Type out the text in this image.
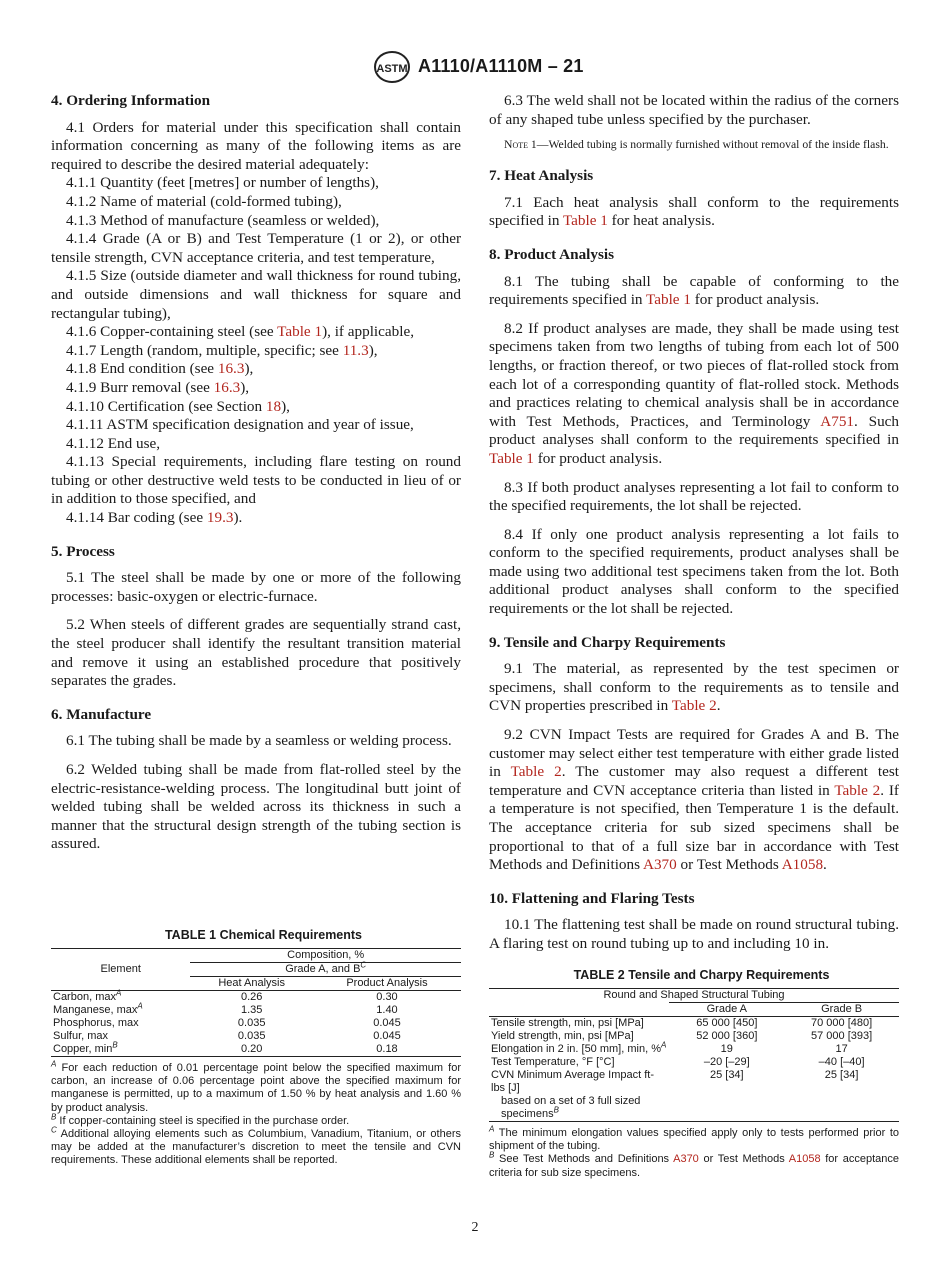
ASTM A1110/A1110M – 21
4. Ordering Information

4.1 Orders for material under this specification shall contain information concerning as many of the following items as are required to describe the desired material adequately:

4.1.1 Quantity (feet [metres] or number of lengths),

4.1.2 Name of material (cold-formed tubing),

4.1.3 Method of manufacture (seamless or welded),

4.1.4 Grade (A or B) and Test Temperature (1 or 2), or other tensile strength, CVN acceptance criteria, and test temperature,

4.1.5 Size (outside diameter and wall thickness for round tubing, and outside dimensions and wall thickness for square and rectangular tubing),

4.1.6 Copper-containing steel (see Table 1), if applicable,

4.1.7 Length (random, multiple, specific; see 11.3),

4.1.8 End condition (see 16.3),

4.1.9 Burr removal (see 16.3),

4.1.10 Certification (see Section 18),

4.1.11 ASTM specification designation and year of issue,

4.1.12 End use,

4.1.13 Special requirements, including flare testing on round tubing or other destructive weld tests to be conducted in lieu of or in addition to those specified, and

4.1.14 Bar coding (see 19.3).

5. Process

5.1 The steel shall be made by one or more of the following processes: basic-oxygen or electric-furnace.

5.2 When steels of different grades are sequentially strand cast, the steel producer shall identify the resultant transition material and remove it using an established procedure that positively separates the grades.

6. Manufacture

6.1 The tubing shall be made by a seamless or welding process.

6.2 Welded tubing shall be made from flat-rolled steel by the electric-resistance-welding process. The longitudinal butt joint of welded tubing shall be welded across its thickness in such a manner that the structural design strength of the tubing section is assured.

TABLE 1 Chemical Requirements

Element	Composition, %	
	Grade A, and $B^C$
	Heat Analysis	Product Analysis
Carbon, $\max^A$	0.26	0.30
Manganese, $\max^A$	1.35	1.40
Phosphorus, max	0.035	0.045
Sulfur, max	0.035	0.045
Copper, $\min^B$	0.20	0.18

$^A$ For each reduction of 0.01 percentage point below the specified maximum for carbon, an increase of 0.06 percentage point above the specified maximum for manganese is permitted, up to a maximum of 1.50 % by heat analysis and 1.60 % by product analysis.

$^B$ If copper-containing steel is specified in the purchase order.

$^C$ Additional alloying elements such as Columbium, Vanadium, Titanium, or others may be added at the manufacturer’s discretion to meet the tensile and CVN requirements. These additional elements shall be reported.

6.3 The weld shall not be located within the radius of the corners of any shaped tube unless specified by the purchaser.

Note 1—Welded tubing is normally furnished without removal of the inside flash.

7. Heat Analysis

7.1 Each heat analysis shall conform to the requirements specified in Table 1 for heat analysis.

8. Product Analysis

8.1 The tubing shall be capable of conforming to the requirements specified in Table 1 for product analysis.

8.2 If product analyses are made, they shall be made using test specimens taken from two lengths of tubing from each lot of 500 lengths, or fraction thereof, or two pieces of flat-rolled stock from each lot of a corresponding quantity of flat-rolled stock. Methods and practices relating to chemical analysis shall be in accordance with Test Methods, Practices, and Terminology A751. Such product analyses shall conform to the requirements specified in Table 1 for product analysis.

8.3 If both product analyses representing a lot fail to conform to the specified requirements, the lot shall be rejected.

8.4 If only one product analysis representing a lot fails to conform to the specified requirements, product analyses shall be made using two additional test specimens taken from the lot. Both additional product analyses shall conform to the specified requirements or the lot shall be rejected.

9. Tensile and Charpy Requirements

9.1 The material, as represented by the test specimen or specimens, shall conform to the requirements as to tensile and CVN properties prescribed in Table 2.

9.2 CVN Impact Tests are required for Grades A and B. The customer may select either test temperature with either grade listed in Table 2. The customer may also request a different test temperature and CVN acceptance criteria than listed in Table 2. If a temperature is not specified, then Temperature 1 is the default. The acceptance criteria for sub sized specimens shall be proportional to that of a full size bar in accordance with Test Methods and Definitions A370 or Test Methods A1058.

10. Flattening and Flaring Tests

10.1 The flattening test shall be made on round structural tubing. A flaring test on round tubing up to and including 10 in.

TABLE 2 Tensile and Charpy Requirements

Round and Shaped Structural Tubing		
	Grade A	Grade B
Tensile strength, min, psi [MPa]	65 000 [450]	70 000 [480]
Yield strength, min, psi [MPa]	52 000 [360]	57 000 [393]
Elongation in 2 in. [50 mm], min, %$^A$	19	17
Test Temperature, °F [°C]	–20 [–29]	–40 [–40]
CVN Minimum Average Impact ft-lbs [J]
based on a set of 3 full sized
specimens$^B$	25 [34]	25 [34]

$^A$ The minimum elongation values specified apply only to tests performed prior to shipment of the tubing.

$^B$ See Test Methods and Definitions A370 or Test Methods A1058 for acceptance criteria for sub size specimens.

2
